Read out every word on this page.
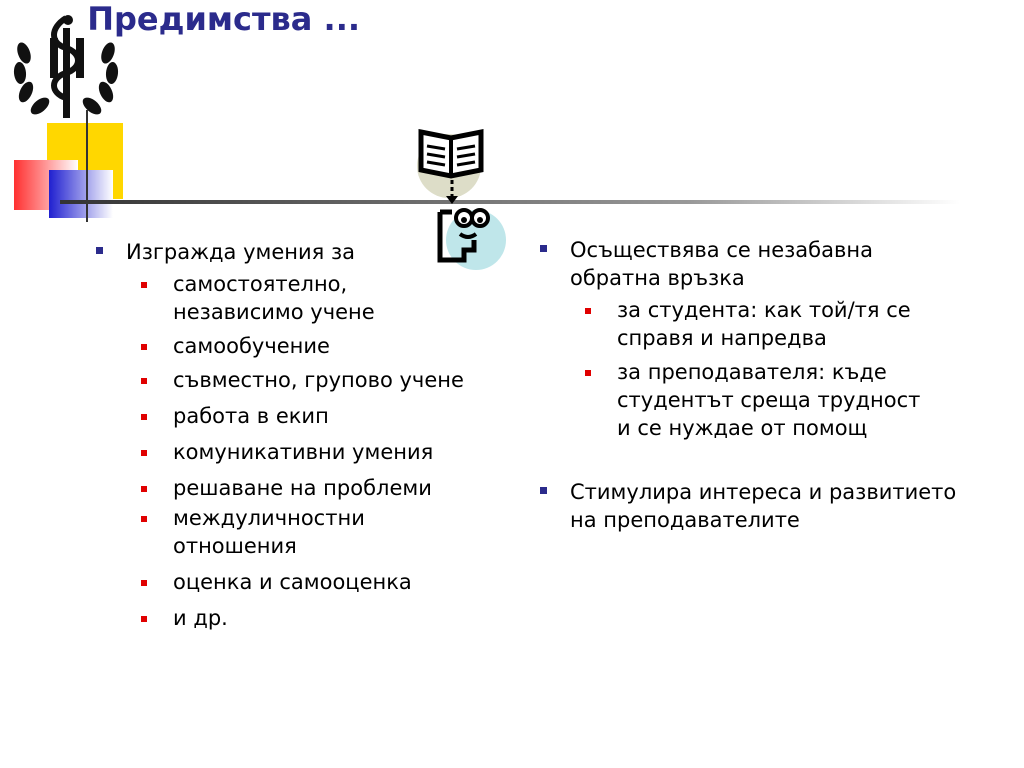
Предимства ...
Изгражда умения за
самостоятелно, независимо учене
самообучение
съвместно, групово учене
работа в екип
комуникативни умения
решаване на проблеми
междуличностни отношения
оценка и самооценка
и др.
Осъществява се незабавна обратна връзка
за студента: как той/тя се справя и напредва
за преподавателя: къде студентът среща трудност и се нуждае от помощ
Стимулира интереса и развитието на преподавателите
